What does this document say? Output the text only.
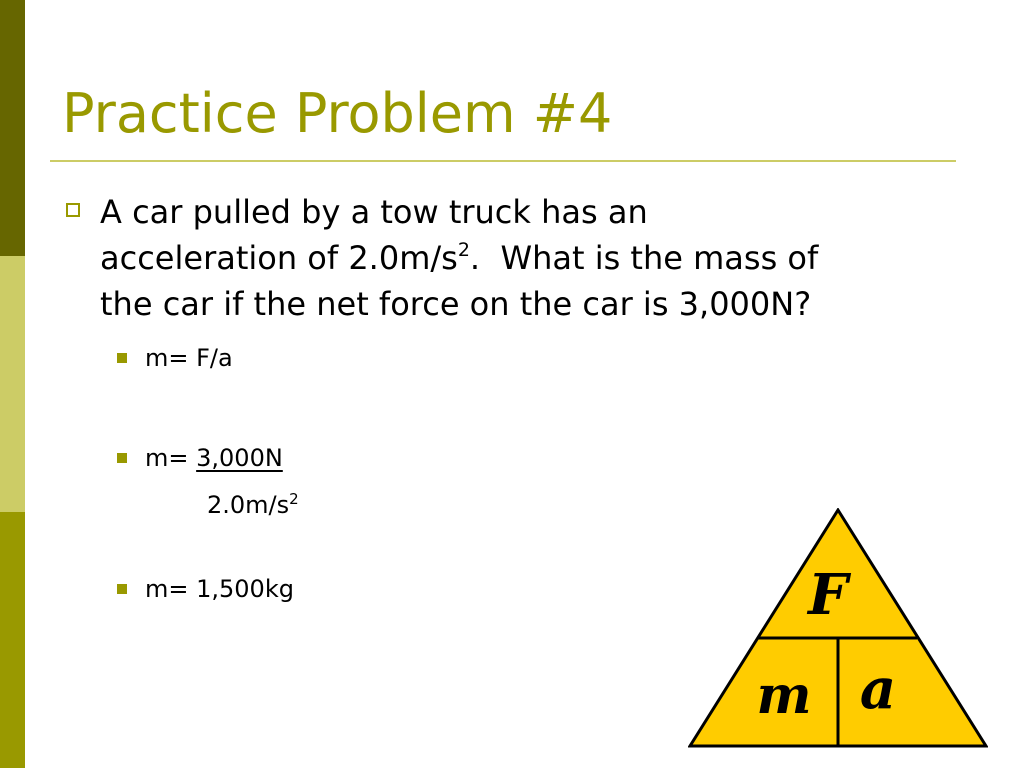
Practice Problem #4

A car pulled by a tow truck has an
acceleration of $2.0m/s^2$.  What is the mass of
the car if the net force on the car is 3,000N?

m= F/a

m= 3,000N

$2.0m/s^2$

m= 1,500kg	F
m a
